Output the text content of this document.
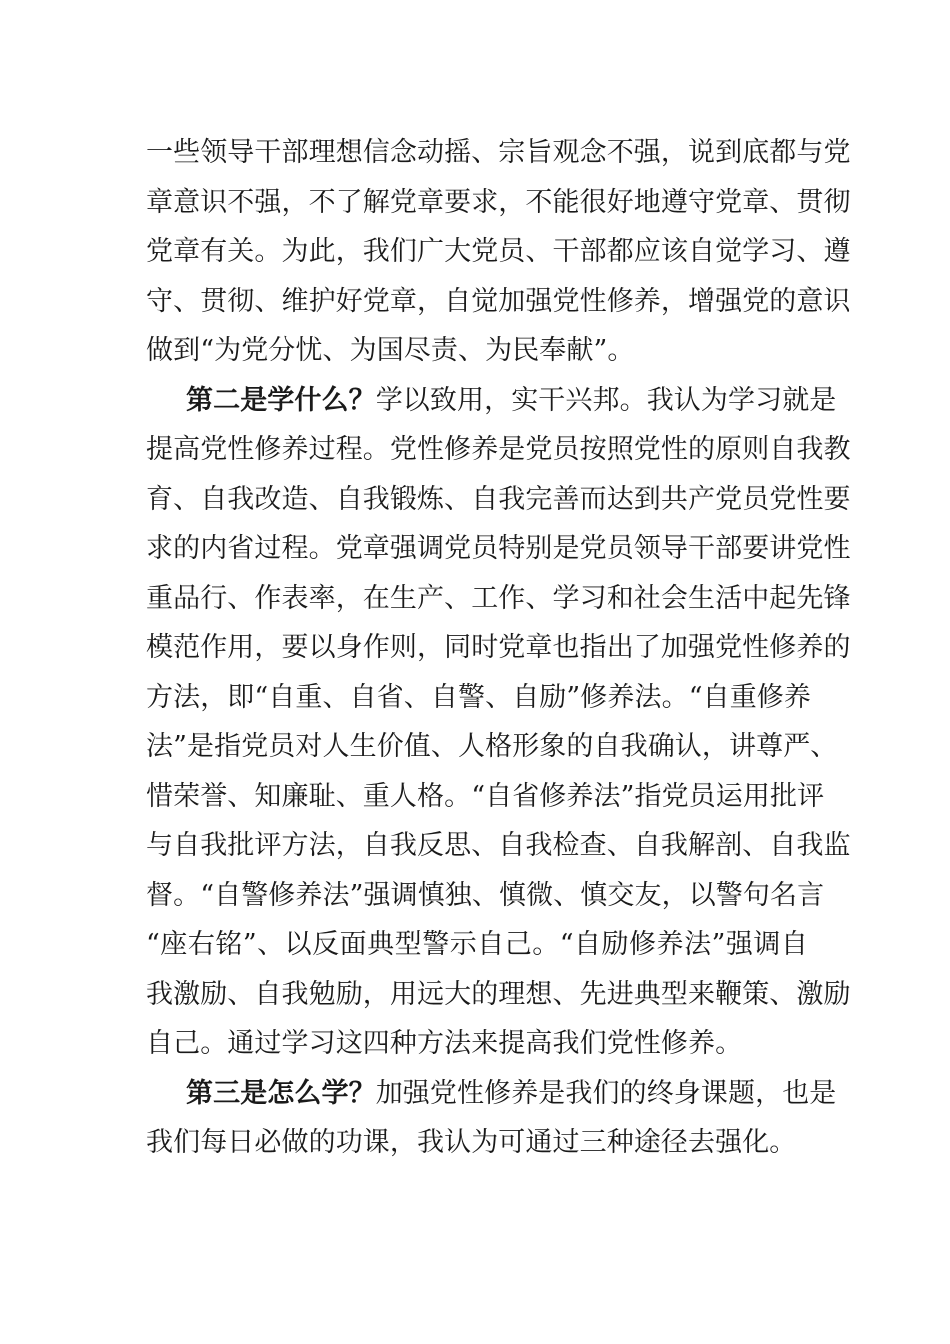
一些领导干部理想信念动摇、宗旨观念不强，说到底都与党
章意识不强，不了解党章要求，不能很好地遵守党章、贯彻
党章有关。为此，我们广大党员、干部都应该自觉学习、遵
守、贯彻、维护好党章，自觉加强党性修养，增强党的意识
做到“为党分忧、为国尽责、为民奉献”。
第二是学什么？学以致用，实干兴邦。我认为学习就是
提高党性修养过程。党性修养是党员按照党性的原则自我教
育、自我改造、自我锻炼、自我完善而达到共产党员党性要
求的内省过程。党章强调党员特别是党员领导干部要讲党性
重品行、作表率，在生产、工作、学习和社会生活中起先锋
模范作用，要以身作则，同时党章也指出了加强党性修养的
方法，即“自重、自省、自警、自励”修养法。“自重修养
法”是指党员对人生价值、人格形象的自我确认，讲尊严、
惜荣誉、知廉耻、重人格。“自省修养法”指党员运用批评
与自我批评方法，自我反思、自我检查、自我解剖、自我监
督。“自警修养法”强调慎独、慎微、慎交友，以警句名言
“座右铭”、以反面典型警示自己。“自励修养法”强调自
我激励、自我勉励，用远大的理想、先进典型来鞭策、激励
自己。通过学习这四种方法来提高我们党性修养。
第三是怎么学？加强党性修养是我们的终身课题，也是
我们每日必做的功课，我认为可通过三种途径去强化。
